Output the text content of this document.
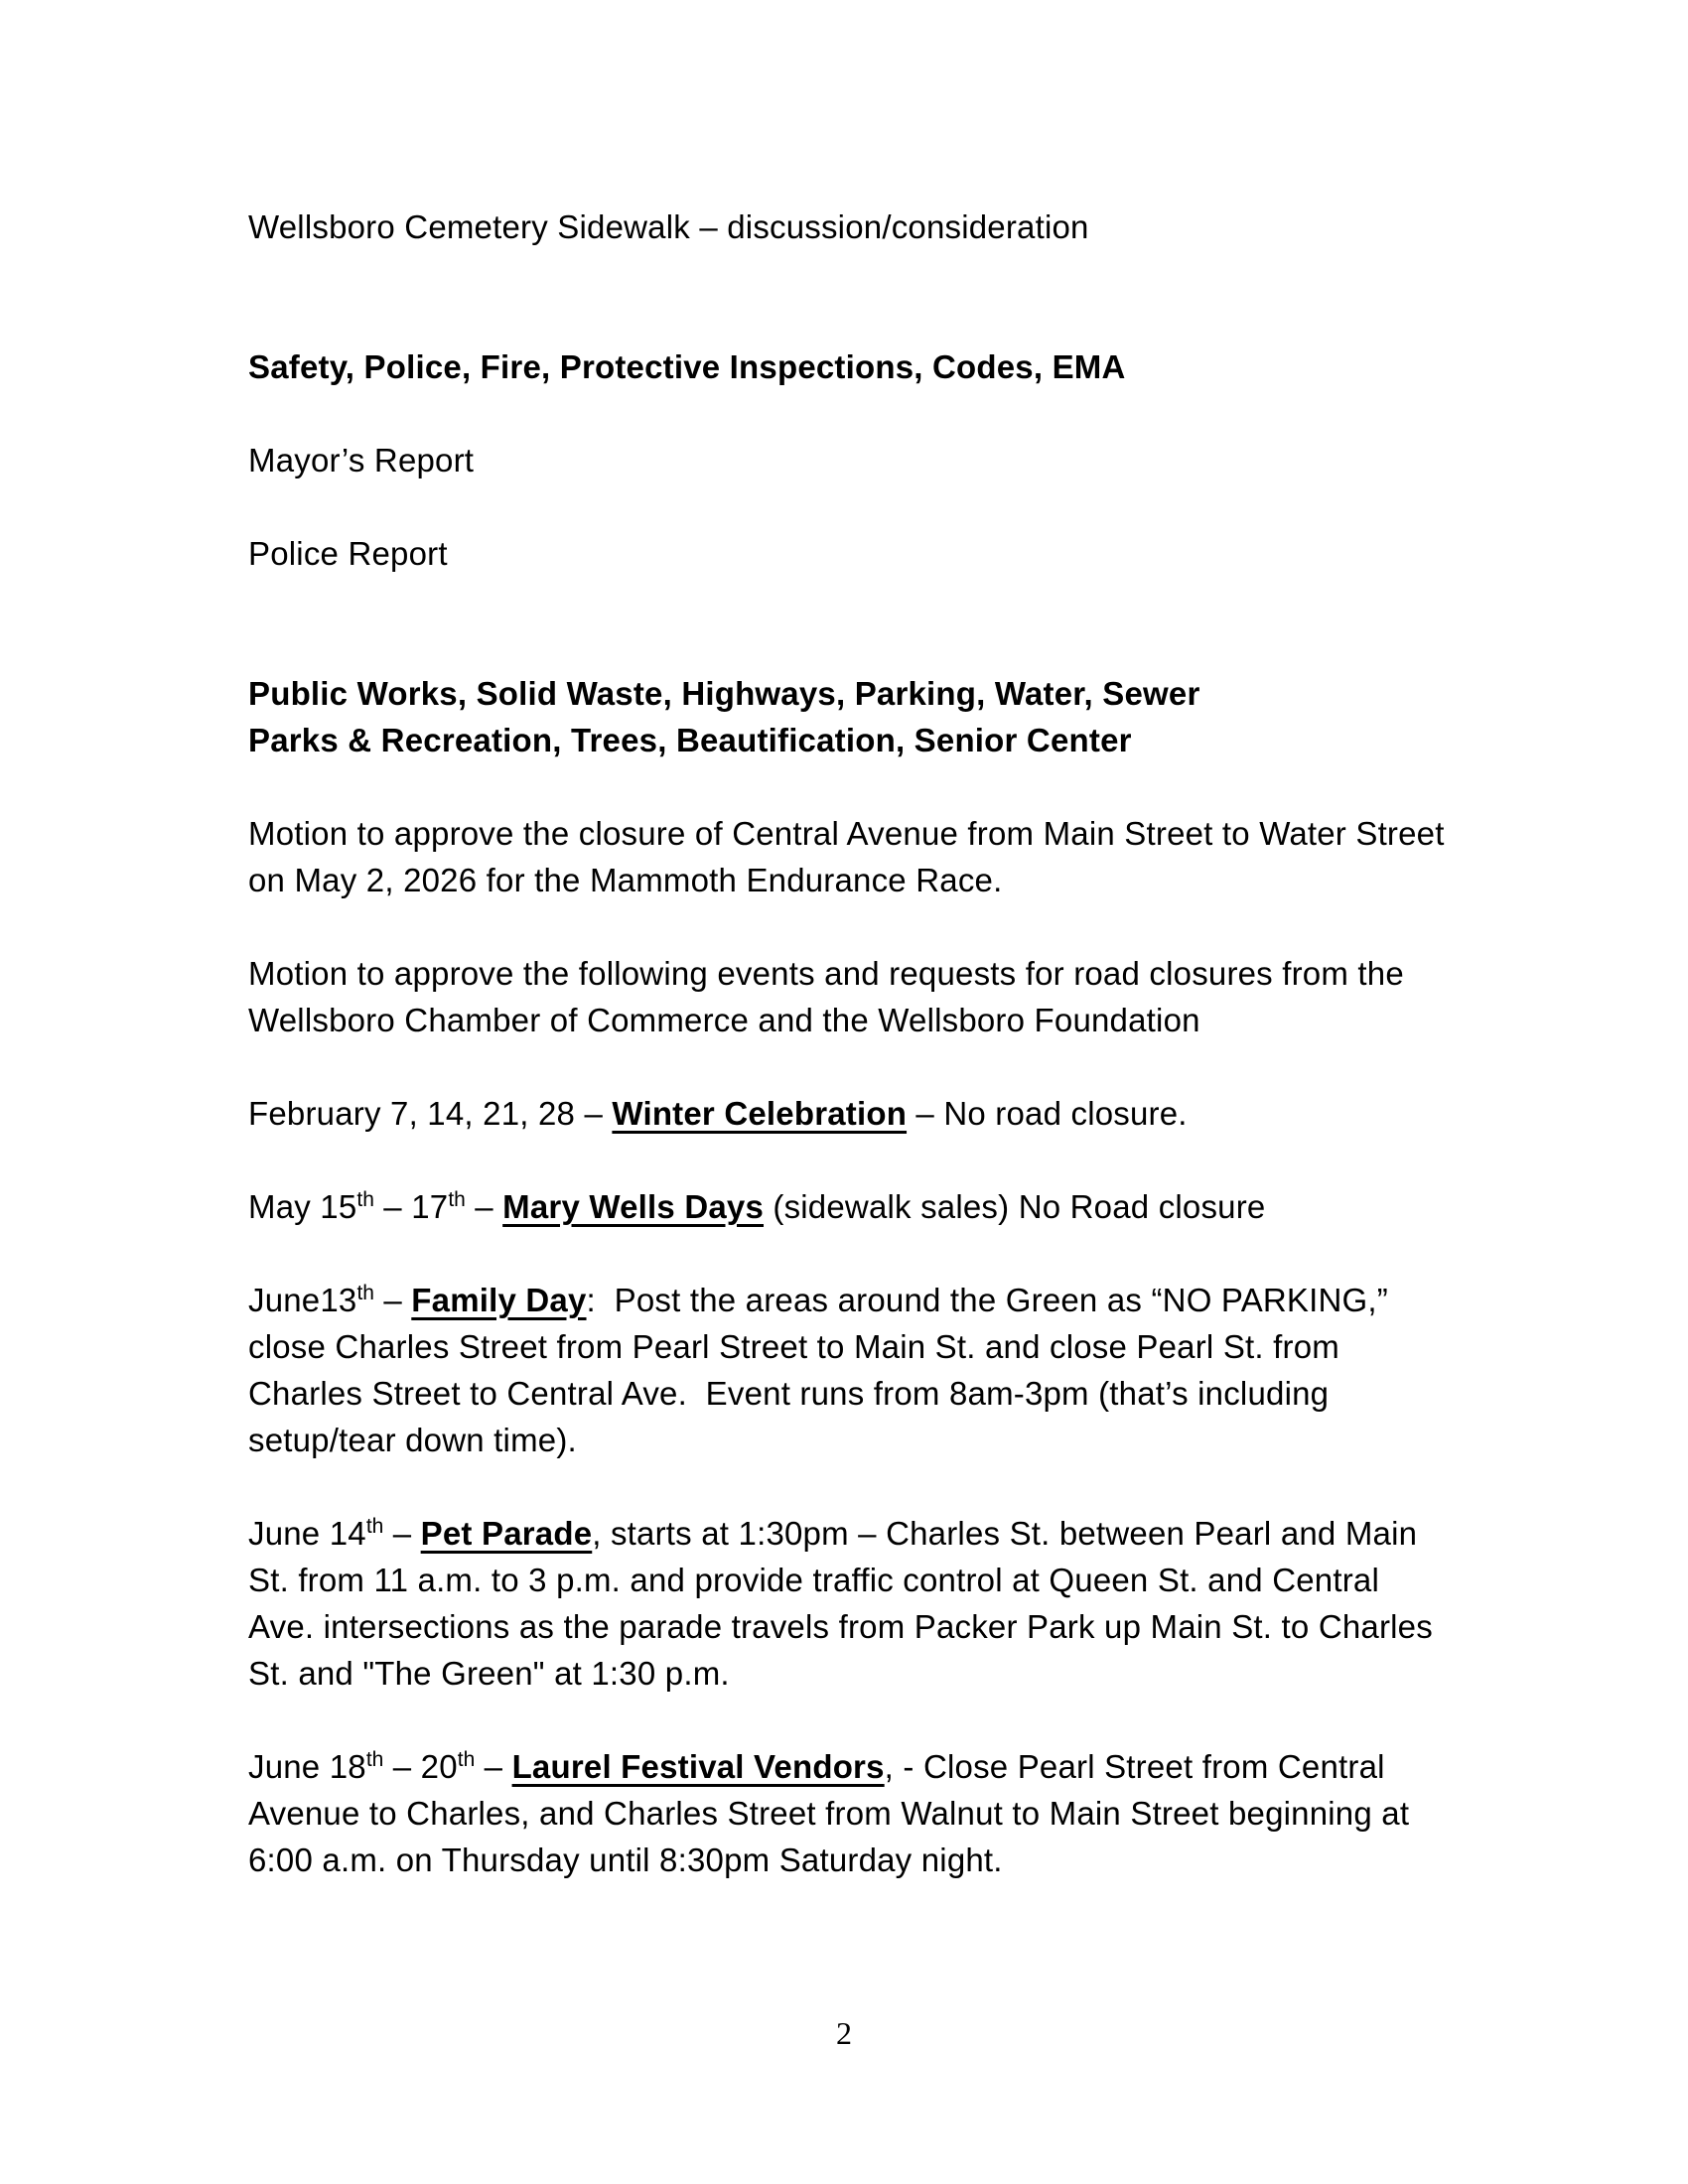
Wellsboro Cemetery Sidewalk – discussion/consideration

Safety, Police, Fire, Protective Inspections, Codes, EMA

Mayor’s Report

Police Report

Public Works, Solid Waste, Highways, Parking, Water, Sewer
Parks & Recreation, Trees, Beautification, Senior Center

Motion to approve the closure of Central Avenue from Main Street to Water Street on May 2, 2026 for the Mammoth Endurance Race.

Motion to approve the following events and requests for road closures from the Wellsboro Chamber of Commerce and the Wellsboro Foundation

February 7, 14, 21, 28 – Winter Celebration – No road closure.

May 15th – 17th – Mary Wells Days (sidewalk sales) No Road closure

June13th – Family Day:  Post the areas around the Green as “NO PARKING,” close Charles Street from Pearl Street to Main St. and close Pearl St. from Charles Street to Central Ave.  Event runs from 8am-3pm (that’s including setup/tear down time).

June 14th – Pet Parade, starts at 1:30pm – Charles St. between Pearl and Main St. from 11 a.m. to 3 p.m. and provide traffic control at Queen St. and Central Ave. intersections as the parade travels from Packer Park up Main St. to Charles St. and "The Green" at 1:30 p.m.

June 18th – 20th – Laurel Festival Vendors, - Close Pearl Street from Central Avenue to Charles, and Charles Street from Walnut to Main Street beginning at 6:00 a.m. on Thursday until 8:30pm Saturday night.

2
